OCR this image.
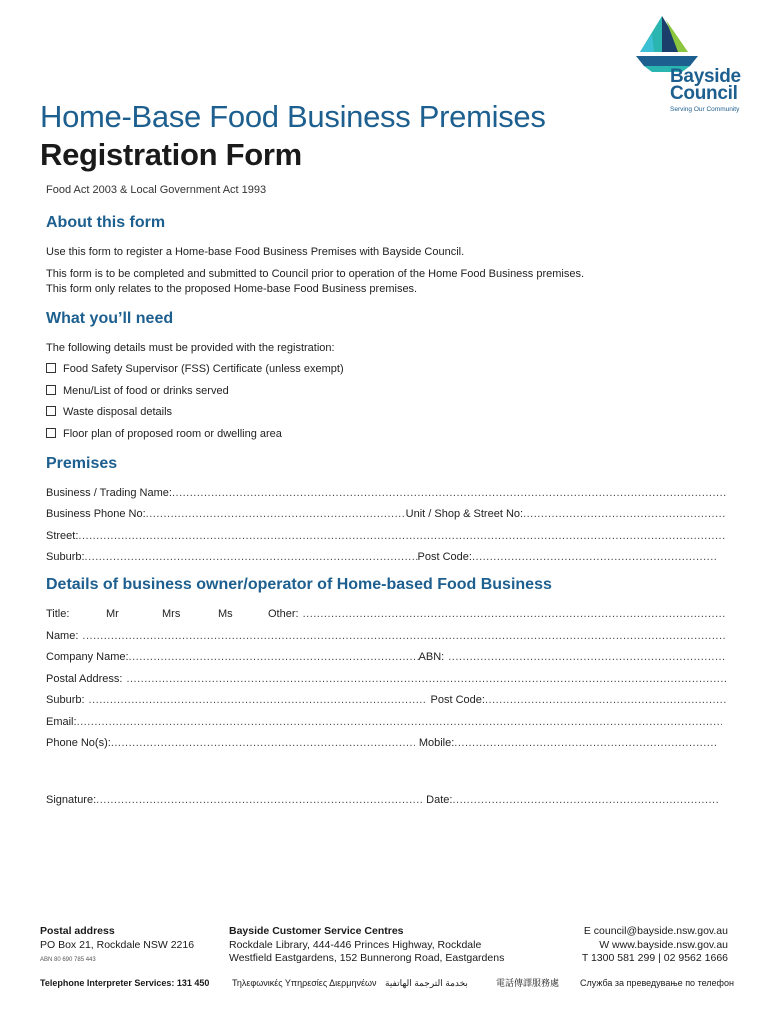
Bayside
Council
Serving Our Community
Home-Base Food Business Premises
Registration Form
Food Act 2003 & Local Government Act 1993
About this form
Use this form to register a Home-base Food Business Premises with Bayside Council.
This form is to be completed and submitted to Council prior to operation of the Home Food Business premises.
This form only relates to the proposed Home-base Food Business premises.
What you’ll need
The following details must be provided with the registration:
Food Safety Supervisor (FSS) Certificate (unless exempt)
Menu/List of food or drinks served
Waste disposal details
Floor plan of proposed room or dwelling area
Premises
Business / Trading Name:
.....
Business Phone No: .....	Unit / Shop & Street No:
.....
Street:
.....
Suburb: .....	Post Code:
.....
Details of business owner/operator of Home-based Food Business
Title:	Mr	Mrs	Ms	Other:
.....
Name:
.....
Company Name: .....	ABN:
.....
Postal Address:
.....
Suburb: .....	Post Code:
.....
Email:
.....
Phone No(s): .....	Mobile:
.....
Signature: .....	Date:
.....
Postal address
PO Box 21, Rockdale NSW 2216
ABN 80 690 785 443
Bayside Customer Service Centres
Rockdale Library, 444-446 Princes Highway, Rockdale
Westfield Eastgardens, 152 Bunnerong Road, Eastgardens
E council@bayside.nsw.gov.au
W www.bayside.nsw.gov.au
T 1300 581 299 | 02 9562 1666
Telephone Interpreter Services: 131 450	Τηλεφωνικές Υπηρεσίες Διερμηνέων بخدمة الترجمة الهاتفية	電話傳譯服務處 Служба за преведување по телефон
